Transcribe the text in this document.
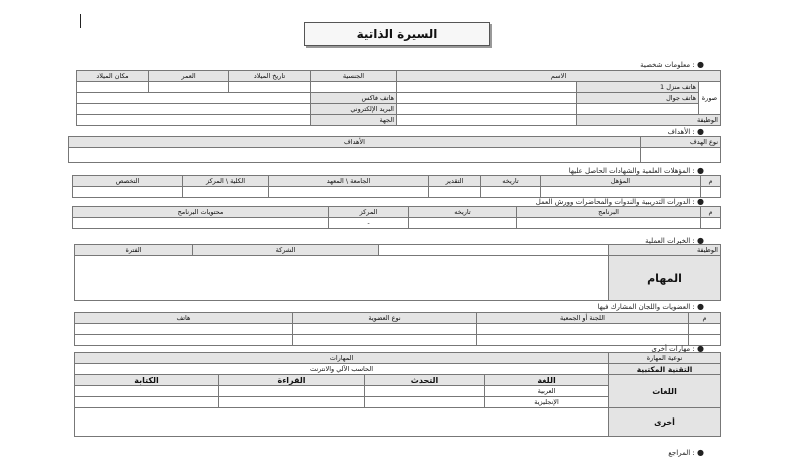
السيرة الذاتية
معلومات شخصية : ●
مكان الميلاد	العمر	تاريخ الميلاد	الجنسية	الاسم		
					هاتف منزل 1	صورة
			هاتف فاكس		هاتف جوال	
			البريد الإلكتروني			
			الجهة		الوظيفة	
الأهداف : ●
الأهداف	نوع الهدف

المؤهلات العلمية والشهادات الحاصل عليها : ●
التخصص	الكلية \ المركز	الجامعة \ المعهد	التقدير	تاريخه	المؤهل	م

الدورات التدريبية والندوات والمحاضرات وورش العمل : ●
محتويات البرنامج	المركز	تاريخه	البرنامج	م
	-			
الخبرات العملية : ●
الفترة	الشركة		الوظيفة
			المهام
العضويات واللجان المشارك فيها : ●
هاتف	نوع العضوية	اللجنة أو الجمعية	م

مهارات أخرى : ●
المهارات				نوعية المهارة
الحاسب الآلي والانترنت				التقنية المكتبية
الكتابة	القراءة	التحدث	اللغة	اللغات
			العربية	
			الإنجليزية	
				أخرى
المراجع : ●
